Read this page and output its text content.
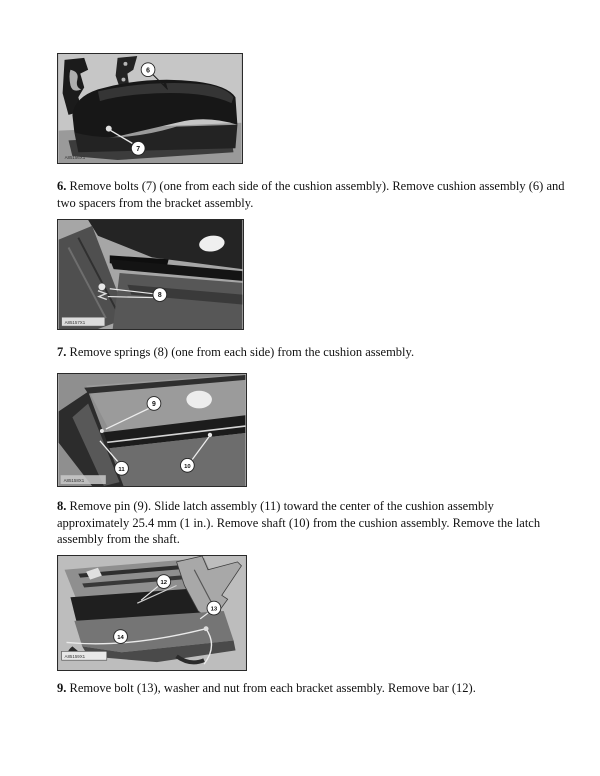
6
7
A85156X1

6. Remove bolts (7) (one from each side of the cushion assembly). Remove cushion assembly (6) and two spacers from the bracket assembly.

8
A85157X1

7. Remove springs (8) (one from each side) from the cushion assembly.

9
10
11
A85158X1

8. Remove pin (9). Slide latch assembly (11) toward the center of the cushion assembly approximately 25.4 mm (1 in.). Remove shaft (10) from the cushion assembly. Remove the latch assembly from the shaft.

12
13
14
A85159X1

9. Remove bolt (13), washer and nut from each bracket assembly. Remove bar (12).
